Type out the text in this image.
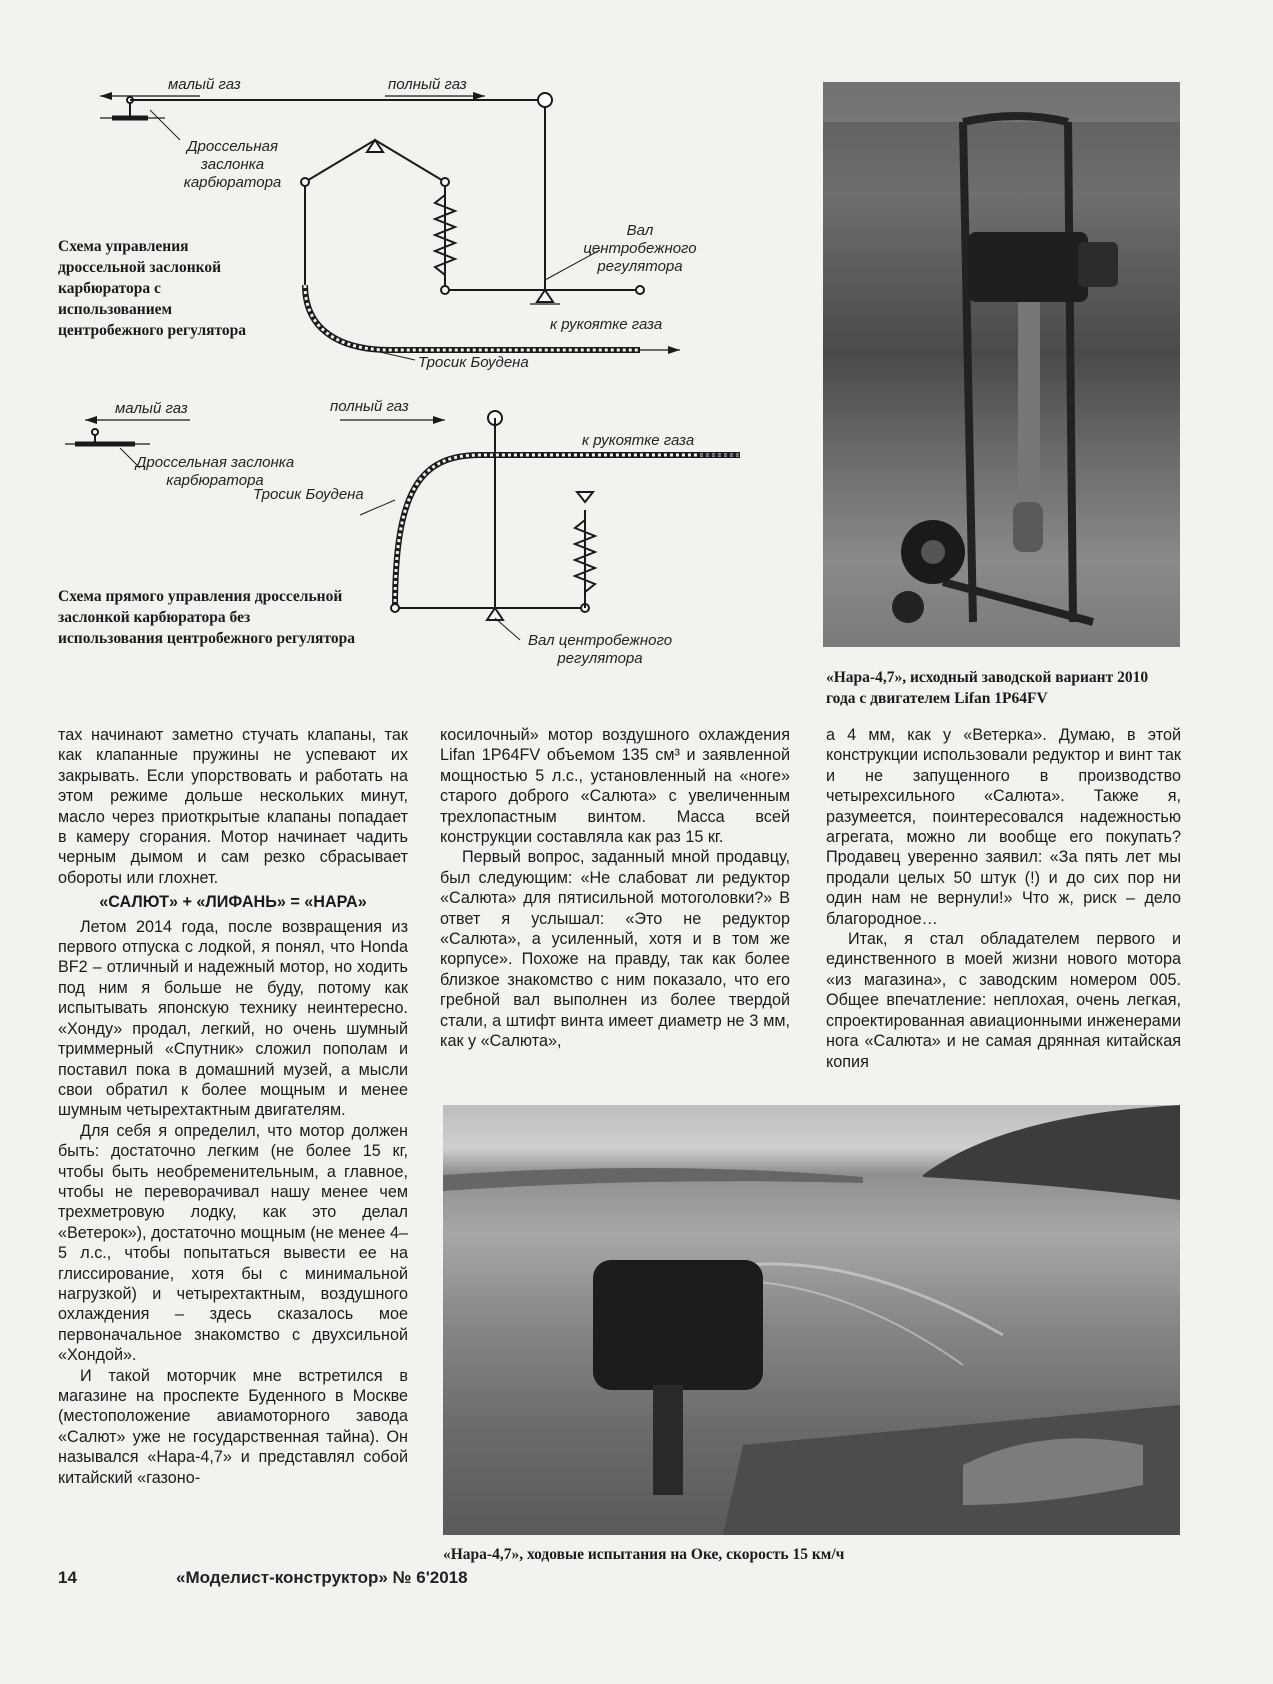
малый газ	полный газ
Дроссельная заслонка карбюратора
Вал центробежного регулятора
к рукоятке газа
Тросик Боудена
малый газ	полный газ
к рукоятке газа
Дроссельная заслонка карбюратора
Тросик Боудена
Вал центробежного регулятора
Схема управления дроссельной заслонкой карбюратора с использованием центробежного регулятора
Схема прямого управления дроссельной заслонкой карбюратора без использования центробежного регулятора
«Нара-4,7», исходный заводской вариант 2010 года с двигателем Lifan 1P64FV

тах начинают заметно стучать клапаны, так как клапанные пружины не успевают их закрывать. Если упорствовать и работать на этом режиме дольше нескольких минут, масло через приоткрытые клапаны попадает в камеру сгорания. Мотор начинает чадить черным дымом и сам резко сбрасывает обороты или глохнет.

«САЛЮТ» + «ЛИФАНЬ» = «НАРА»

Летом 2014 года, после возвращения из первого отпуска с лодкой, я понял, что Honda BF2 – отличный и надежный мотор, но ходить под ним я больше не буду, потому как испытывать японскую технику неинтересно. «Хонду» продал, легкий, но очень шумный триммерный «Спутник» сложил пополам и поставил пока в домашний музей, а мысли свои обратил к более мощным и менее шумным четырехтактным двигателям.

Для себя я определил, что мотор должен быть: достаточно легким (не более 15 кг, чтобы быть необременительным, а главное, чтобы не переворачивал нашу менее чем трехметровую лодку, как это делал «Ветерок»), достаточно мощным (не менее 4–5 л.с., чтобы попытаться вывести ее на глиссирование, хотя бы с минимальной нагрузкой) и четырехтактным, воздушного охлаждения – здесь сказалось мое первоначальное знакомство с двухсильной «Хондой».

И такой моторчик мне встретился в магазине на проспекте Буденного в Москве (местоположение авиамоторного завода «Салют» уже не государственная тайна). Он назывался «Нара-4,7» и представлял собой китайский «газоно-

косилочный» мотор воздушного охлаждения Lifan 1P64FV объемом 135 см³ и заявленной мощностью 5 л.с., установленный на «ноге» старого доброго «Салюта» с увеличенным трехлопастным винтом. Масса всей конструкции составляла как раз 15 кг.

Первый вопрос, заданный мной продавцу, был следующим: «Не слабоват ли редуктор «Салюта» для пятисильной мотоголовки?» В ответ я услышал: «Это не редуктор «Салюта», а усиленный, хотя и в том же корпусе». Похоже на правду, так как более близкое знакомство с ним показало, что его гребной вал выполнен из более твердой стали, а штифт винта имеет диаметр не 3 мм, как у «Салюта»,

а 4 мм, как у «Ветерка». Думаю, в этой конструкции использовали редуктор и винт так и не запущенного в производство четырехсильного «Салюта». Также я, разумеется, поинтересовался надежностью агрегата, можно ли вообще его покупать? Продавец уверенно заявил: «За пять лет мы продали целых 50 штук (!) и до сих пор ни один нам не вернули!» Что ж, риск – дело благородное…

Итак, я стал обладателем первого и единственного в моей жизни нового мотора «из магазина», с заводским номером 005. Общее впечатление: неплохая, очень легкая, спроектированная авиационными инженерами нога «Салюта» и не самая дрянная китайская копия

«Нара-4,7», ходовые испытания на Оке, скорость 15 км/ч
14	«Моделист-конструктор» № 6'2018
